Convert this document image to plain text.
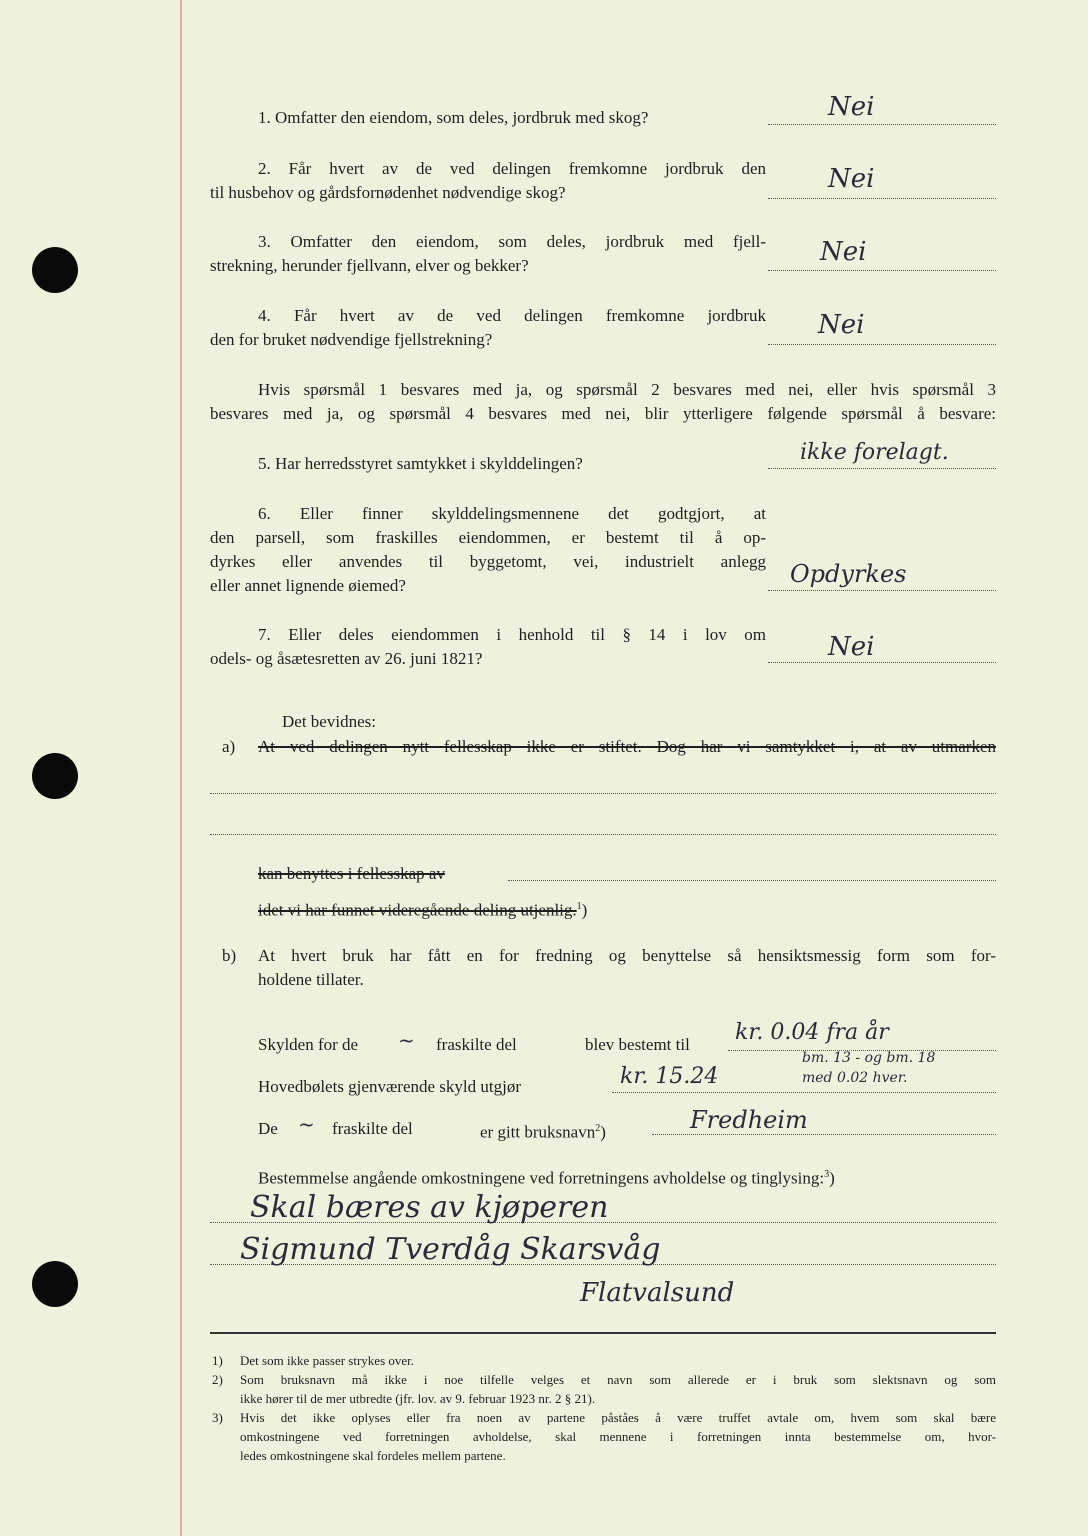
1. Omfatter den eiendom, som deles, jordbruk med skog?	Nei
2. Får hvert av de ved delingen fremkomne jordbruk den
til husbehov og gårdsfornødenhet nødvendige skog?	Nei
3. Omfatter den eiendom, som deles, jordbruk med fjell-
strekning, herunder fjellvann, elver og bekker?	Nei
4. Får hvert av de ved delingen fremkomne jordbruk
den for bruket nødvendige fjellstrekning?	Nei
Hvis spørsmål 1 besvares med ja, og spørsmål 2 besvares med nei, eller hvis spørsmål 3
besvares med ja, og spørsmål 4 besvares med nei, blir ytterligere følgende spørsmål å besvare:
5. Har herredsstyret samtykket i skylddelingen?	ikke forelagt.
6. Eller finner skylddelingsmennene det godtgjort, at
den parsell, som fraskilles eiendommen, er bestemt til å op-
dyrkes eller anvendes til byggetomt, vei, industrielt anlegg
eller annet lignende øiemed?	Opdyrkes
7. Eller deles eiendommen i henhold til § 14 i lov om
odels- og åsætesretten av 26. juni 1821?	Nei
Det bevidnes:
a) At ved delingen nytt fellesskap ikke er stiftet. Dog har vi samtykket i, at av utmarken
kan benyttes i fellesskap av
idet vi har funnet videregående deling utjenlig.$^1$)
b) At hvert bruk har fått en for fredning og benyttelse så hensiktsmessig form som for-
holdene tillater.
Skylden for de ~ fraskilte del	blev bestemt til kr. 0.04 fra år
bm. 13 - og bm. 18
Hovedbølets gjenværende skyld utgjør	kr. 15.24	med 0.02 hver.
De ~ fraskilte del	er gitt bruksnavn$^2$)	Fredheim
Bestemmelse angående omkostningene ved forretningens avholdelse og tinglysing:$^3$)
Skal bæres av kjøperen
Sigmund Tverdåg Skarsvåg
Flatvalsund
1) Det som ikke passer strykes over.
2) Som bruksnavn må ikke i noe tilfelle velges et navn som allerede er i bruk som slektsnavn og som
ikke hører til de mer utbredte (jfr. lov. av 9. februar 1923 nr. 2 § 21).
3) Hvis det ikke oplyses eller fra noen av partene påståes å være truffet avtale om, hvem som skal bære
omkostningene ved forretningen avholdelse, skal mennene i forretningen innta bestemmelse om, hvor-
ledes omkostningene skal fordeles mellem partene.
